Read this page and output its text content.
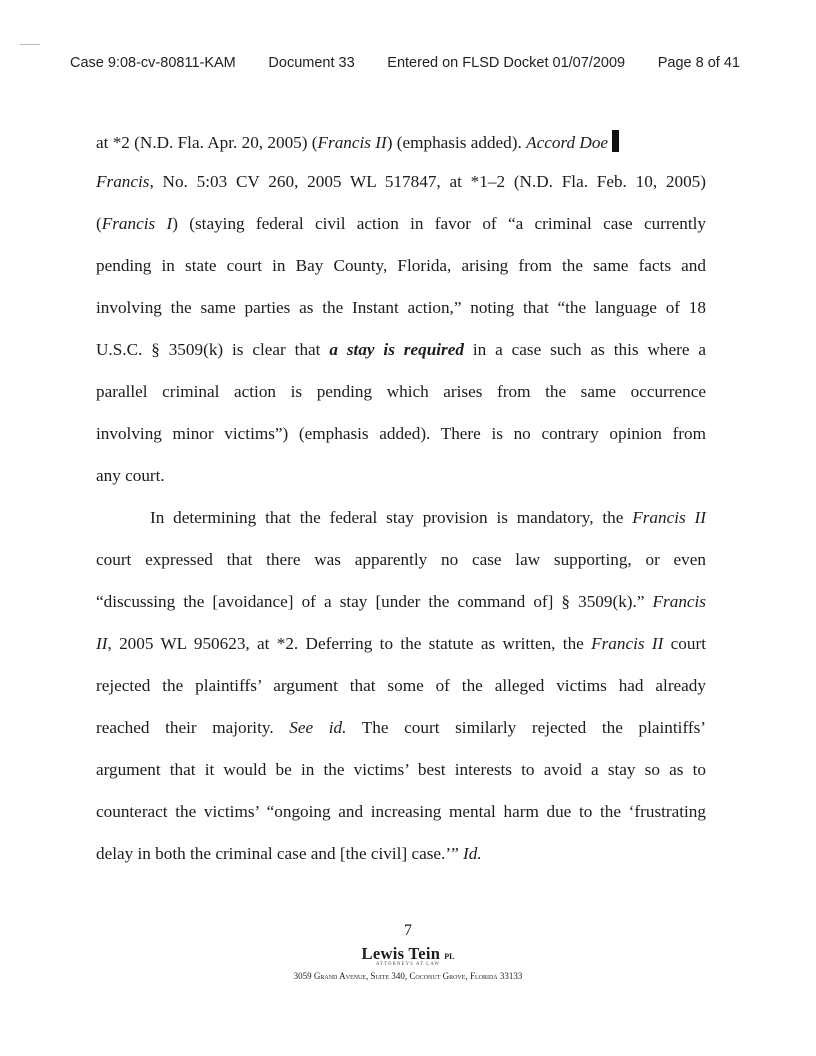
Case 9:08-cv-80811-KAM Document 33 Entered on FLSD Docket 01/07/2009 Page 8 of 41
at *2 (N.D. Fla. Apr. 20, 2005) (Francis II) (emphasis added). Accord Doe
Francis, No. 5:03 CV 260, 2005 WL 517847, at *1–2 (N.D. Fla. Feb. 10, 2005)
(Francis I) (staying federal civil action in favor of “a criminal case currently
pending in state court in Bay County, Florida, arising from the same facts and
involving the same parties as the Instant action,” noting that “the language of 18
U.S.C. § 3509(k) is clear that a stay is required in a case such as this where a
parallel criminal action is pending which arises from the same occurrence
involving minor victims”) (emphasis added). There is no contrary opinion from
any court.
In determining that the federal stay provision is mandatory, the Francis II
court expressed that there was apparently no case law supporting, or even
“discussing the [avoidance] of a stay [under the command of] § 3509(k).” Francis
II, 2005 WL 950623, at *2. Deferring to the statute as written, the Francis II court
rejected the plaintiffs’ argument that some of the alleged victims had already
reached their majority. See id. The court similarly rejected the plaintiffs’
argument that it would be in the victims’ best interests to avoid a stay so as to
counteract the victims’ “ongoing and increasing mental harm due to the ‘frustrating
delay in both the criminal case and [the civil] case.’” Id.
7
Lewis Tein PL
ATTORNEYS AT LAW
3059 Grand Avenue, Suite 340, Coconut Grove, Florida 33133
